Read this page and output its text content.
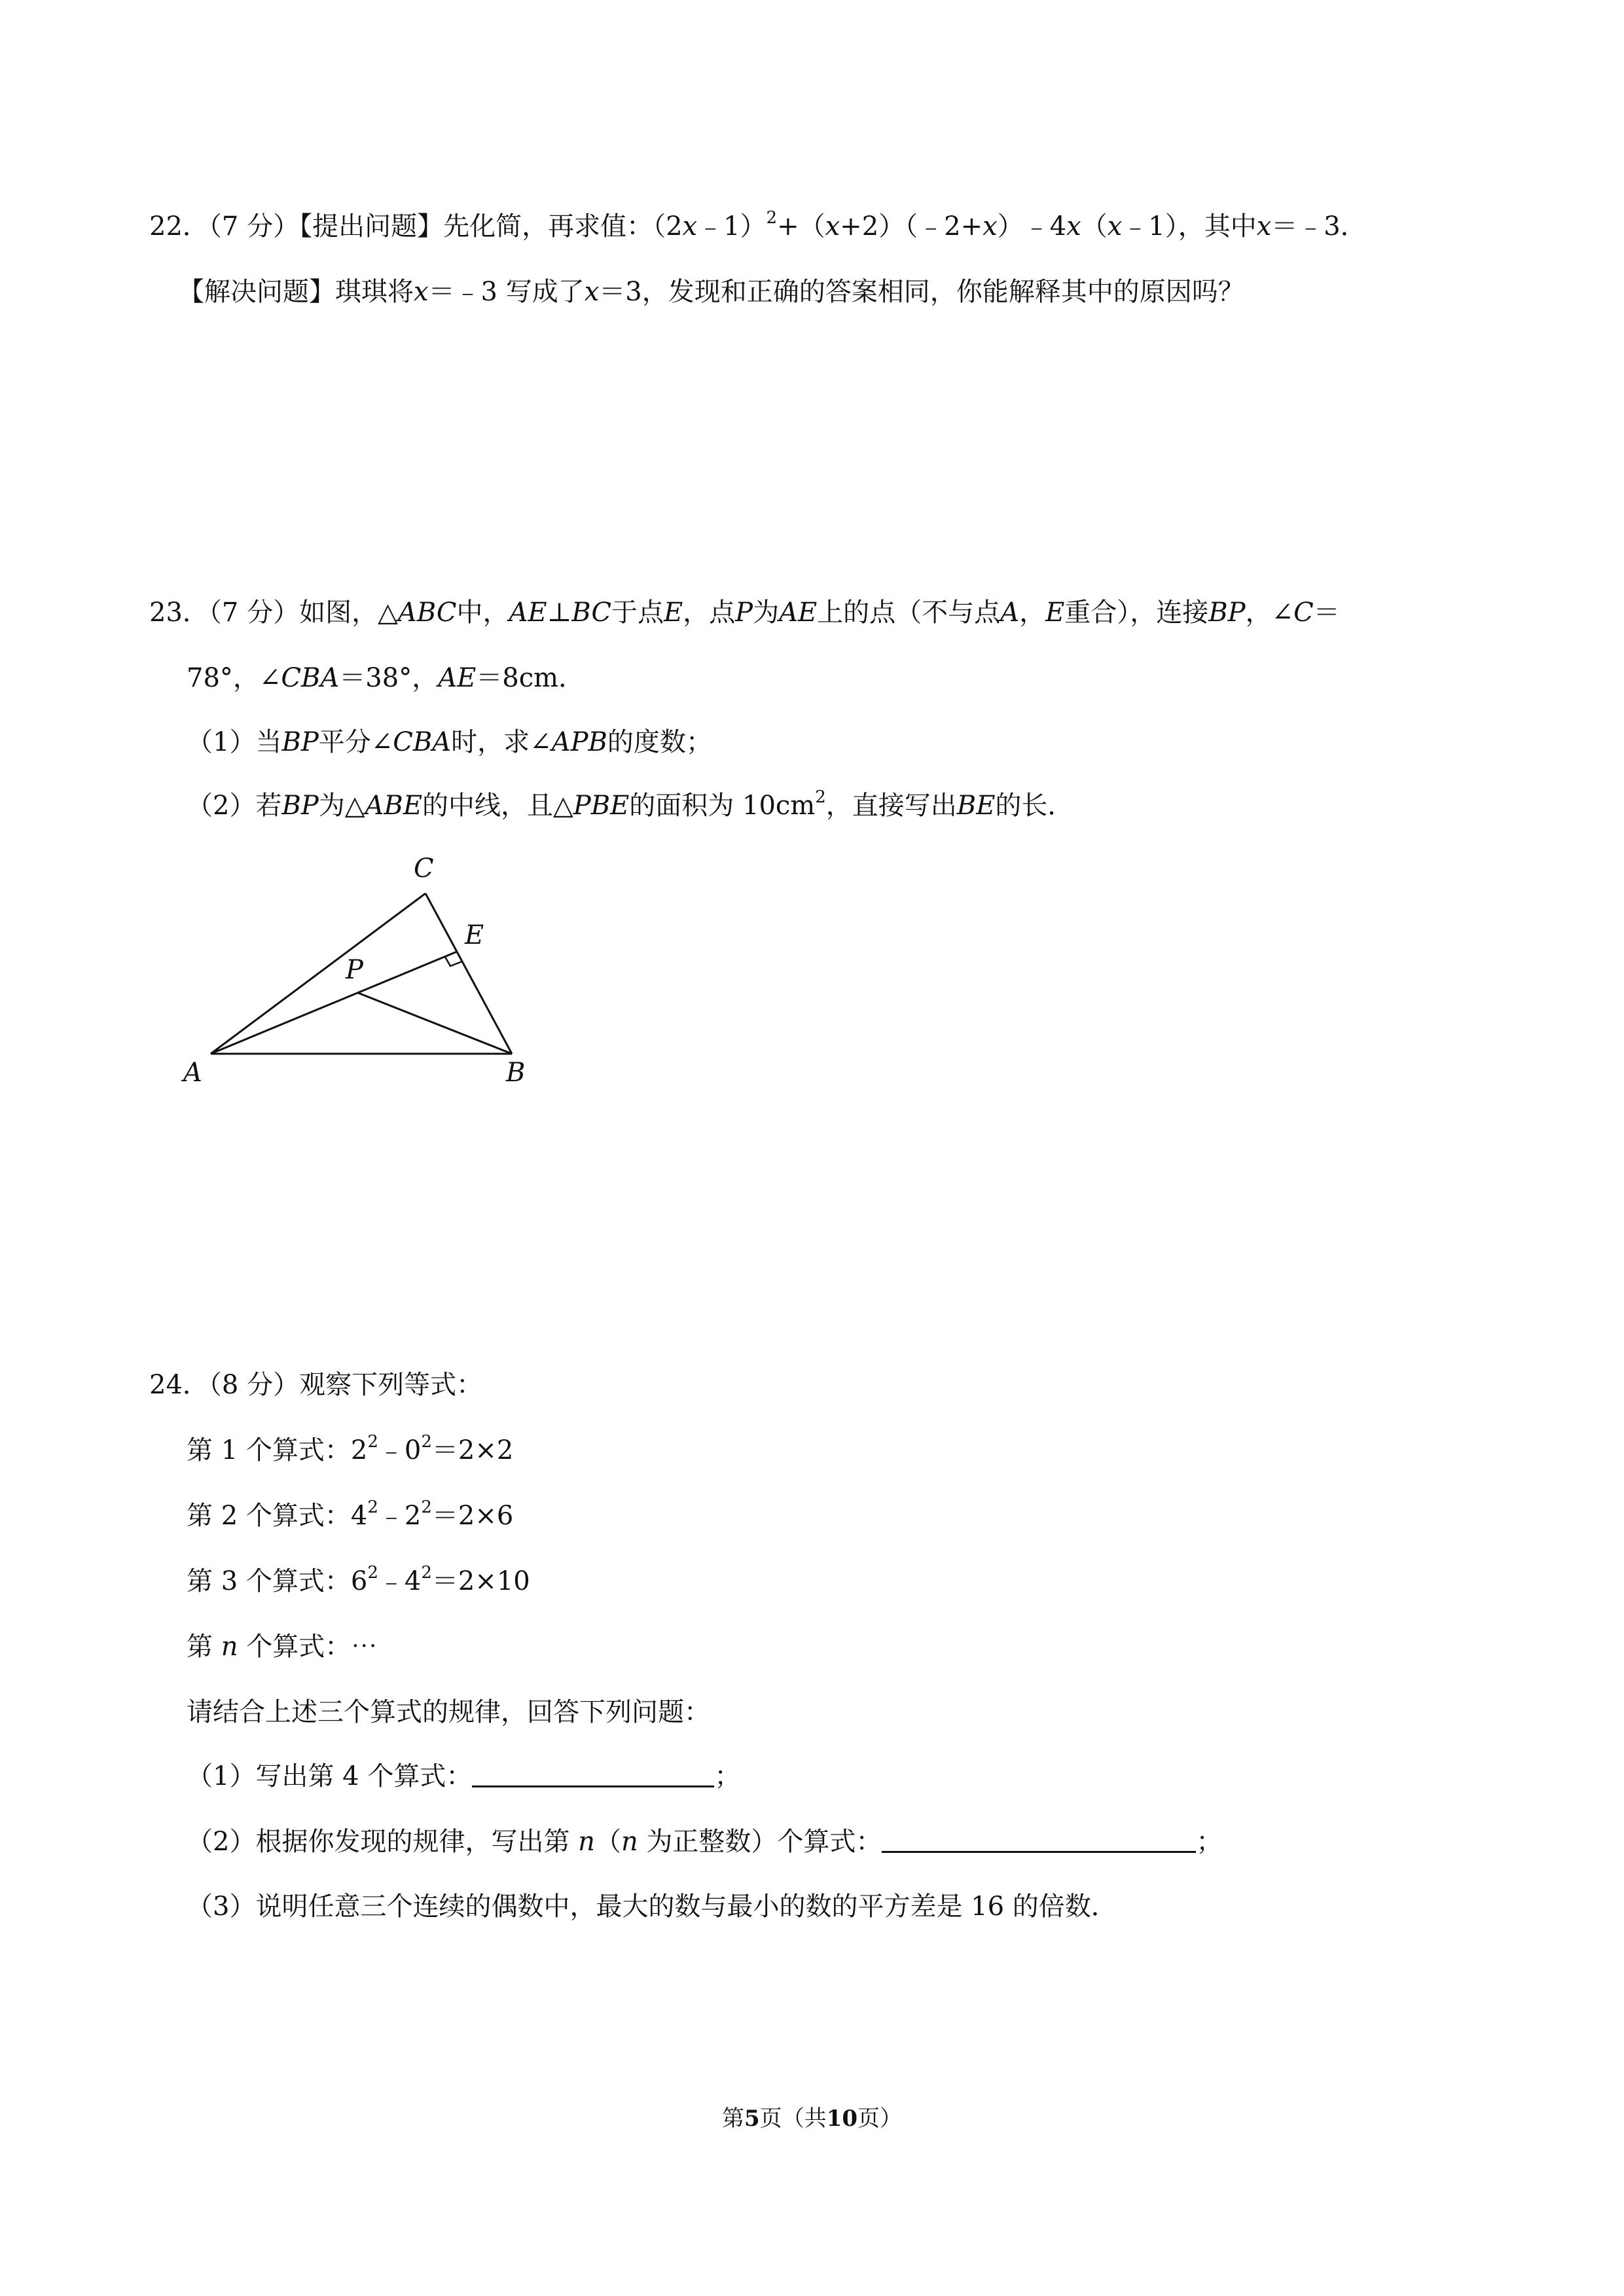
22．（7 分）【提出问题】先化简，再求值：（2x﹣1）$^2$+（x+2）（﹣2+x）﹣4x（x﹣1），其中x＝﹣3．
【解决问题】琪琪将x＝﹣3 写成了x＝3，发现和正确的答案相同，你能解释其中的原因吗？
23．（7 分）如图，△ABC中，AE⊥BC于点E，点P为AE上的点（不与点A，E重合），连接BP，∠C＝
78°，∠CBA＝38°，AE＝8cm．
（1）当BP平分∠CBA时，求∠APB的度数；
（2）若BP为△ABE的中线，且△PBE的面积为 $10cm^2$，直接写出BE的长．
C
E
P
A	B
24．（8 分）观察下列等式：
第 1 个算式：$2^2﹣0^2=2\times 2$
第 2 个算式：$4^2﹣2^2=2\times 6$
第 3 个算式：$6^2﹣4^2=2\times 10$
第 n 个算式：⋯
请结合上述三个算式的规律，回答下列问题：
（1）写出第 4 个算式：	；
（2）根据你发现的规律，写出第 n（n 为正整数）个算式：	；
（3）说明任意三个连续的偶数中，最大的数与最小的数的平方差是 16 的倍数．
第5页（共10页）
